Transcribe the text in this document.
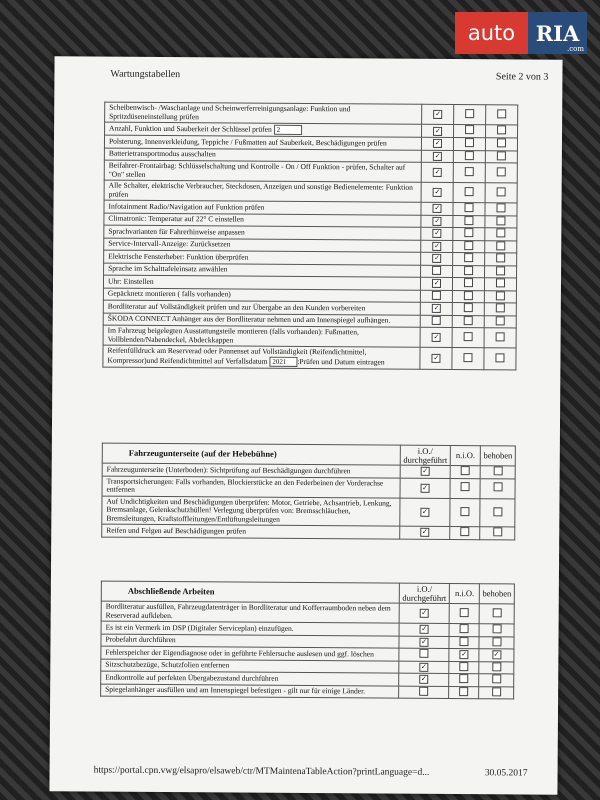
Wartungstabellen	Seite 2 von 3
Scheibenwisch- /Waschanlage und Scheinwerferreinigungsanlage: Funktion und Spritzdüseneinstellung prüfen	✓		
Anzahl, Funktion und Sauberkeit der Schlüssel prüfen 2	✓		
Polsterung, Innenverkleidung, Teppiche / Fußmatten auf Sauberkeit, Beschädigungen prüfen	✓		
Batterietransportmodus ausschalten	✓		
Beifahrer-Frontairbag: Schlüsselschaltung und Kontrolle - On / Off Funktion - prüfen, Schalter auf "On" stellen	✓		
Alle Schalter, elektrische Verbraucher, Steckdosen, Anzeigen und sonstige Bedienelemente: Funktion prüfen	✓		
Infotainment Radio/Navigation auf Funktion prüfen	✓		
Climatronic: Temperatur auf 22° C einstellen	✓		
Sprachvarianten für Fahrerhinweise anpassen	✓		
Service-Intervall-Anzeige: Zurücksetzen	✓		
Elektrische Fensterheber: Funktion überprüfen	✓		
Sprache im Schalttafeleinsatz anwählen			
Uhr: Einstellen	✓		
Gepäcknetz montieren ( falls vorhanden)			
Bordliteratur auf Vollständigkeit prüfen und zur Übergabe an den Kunden vorbereiten	✓		
ŠKODA CONNECT Anhänger aus der Bordliteratur nehmen und am Innenspiegel aufhängen.			
Im Fahrzeug beigelegten Ausstattungsteile montieren (falls vorhanden): Fußmatten, Vollblenden/Nabendeckel, Abdeckkappen	✓		
Reifenfülldruck am Reserverad oder Pannenset auf Vollständigkeit (Reifendichtmittel, Kompressor)und Reifendichtmittel auf Verfallsdatum 2021 :Prüfen und Datum eintragen	✓		
Fahrzeugunterseite (auf der Hebebühne)	i.O./ durchgeführt	n.i.O.	behoben
Fahrzeugunterseite (Unterboden): Sichtprüfung auf Beschädigungen durchführen	✓		
Transportsicherungen: Falls vorhanden, Blockierstücke an den Federbeinen der Vorderachse entfernen	✓		
Auf Undichtigkeiten und Beschädigungen überprüfen: Motor, Getriebe, Achsantrieb, Lenkung, Bremsanlage, Gelenkschutzhüllen! Verlegung überprüfen von: Bremsschläuchen, Bremsleitungen, Kraftstoffleitungen/Entlüftungsleitungen	✓		
Reifen und Felgen auf Beschädigungen prüfen	✓		
Abschließende Arbeiten	i.O./ durchgeführt	n.i.O.	behoben
Bordliteratur ausfüllen, Fahrzeugdatenträger in Bordliteratur und Kofferraumboden neben dem Reserverad aufkleben.	✓		
Es ist ein Vermerk im DSP (Digitaler Serviceplan) einzufügen.	✓		
Probefahrt durchführen	✓		
Fehlerspeicher der Eigendiagnose oder in geführte Fehlersuche auslesen und ggf. löschen		✓	✓
Sitzschutzbezüge, Schutzfolien entfernen	✓		
Endkontrolle auf perfekten Übergabezustand durchführen	✓		
Spiegelanhänger ausfüllen und am Innenspiegel befestigen - gilt nur für einige Länder.			
https://portal.cpn.vwg/elsapro/elsaweb/ctr/MTMaintenaTableAction?printLanguage=d...	30.05.2017
auto RIA
.com
